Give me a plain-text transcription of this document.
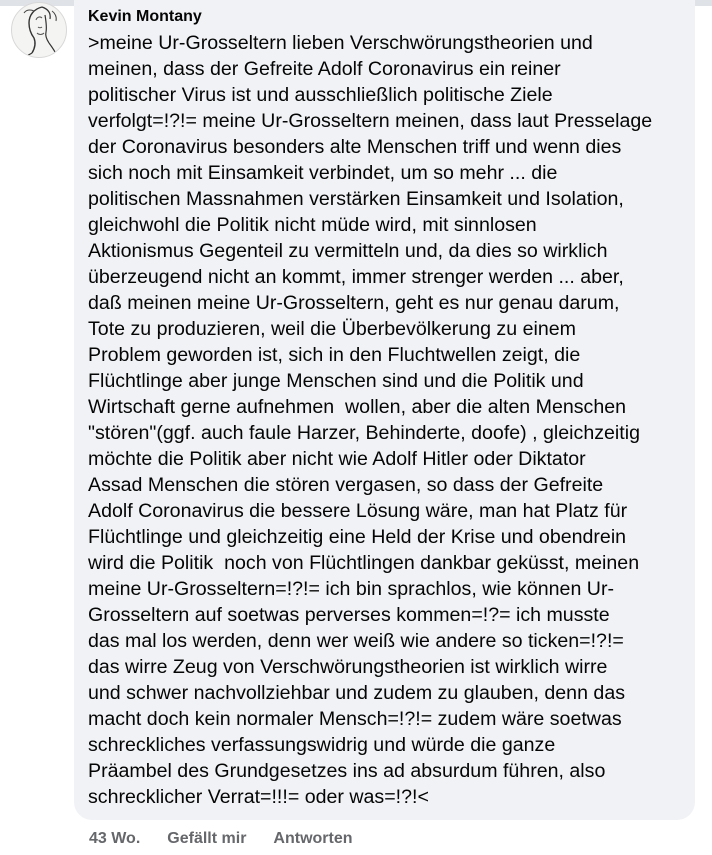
Kevin Montany

>meine Ur-Grosseltern lieben Verschwörungstheorien und
meinen, dass der Gefreite Adolf Coronavirus ein reiner
politischer Virus ist und ausschließlich politische Ziele
verfolgt=!?!= meine Ur-Grosseltern meinen, dass laut Presselage
der Coronavirus besonders alte Menschen triff und wenn dies
sich noch mit Einsamkeit verbindet, um so mehr ... die
politischen Massnahmen verstärken Einsamkeit und Isolation,
gleichwohl die Politik nicht müde wird, mit sinnlosen
Aktionismus Gegenteil zu vermitteln und, da dies so wirklich
überzeugend nicht an kommt, immer strenger werden ... aber,
daß meinen meine Ur-Grosseltern, geht es nur genau darum,
Tote zu produzieren, weil die Überbevölkerung zu einem
Problem geworden ist, sich in den Fluchtwellen zeigt, die
Flüchtlinge aber junge Menschen sind und die Politik und
Wirtschaft gerne aufnehmen  wollen, aber die alten Menschen
"stören"(ggf. auch faule Harzer, Behinderte, doofe) , gleichzeitig
möchte die Politik aber nicht wie Adolf Hitler oder Diktator
Assad Menschen die stören vergasen, so dass der Gefreite
Adolf Coronavirus die bessere Lösung wäre, man hat Platz für
Flüchtlinge und gleichzeitig eine Held der Krise und obendrein
wird die Politik  noch von Flüchtlingen dankbar geküsst, meinen
meine Ur-Grosseltern=!?!= ich bin sprachlos, wie können Ur-
Grosseltern auf soetwas perverses kommen=!?= ich musste
das mal los werden, denn wer weiß wie andere so ticken=!?!=
das wirre Zeug von Verschwörungstheorien ist wirklich wirre
und schwer nachvollziehbar und zudem zu glauben, denn das
macht doch kein normaler Mensch=!?!= zudem wäre soetwas
schreckliches verfassungswidrig und würde die ganze
Präambel des Grundgesetzes ins ad absurdum führen, also
schrecklicher Verrat=!!!= oder was=!?!<

43 Wo. Gefällt mir Antworten
